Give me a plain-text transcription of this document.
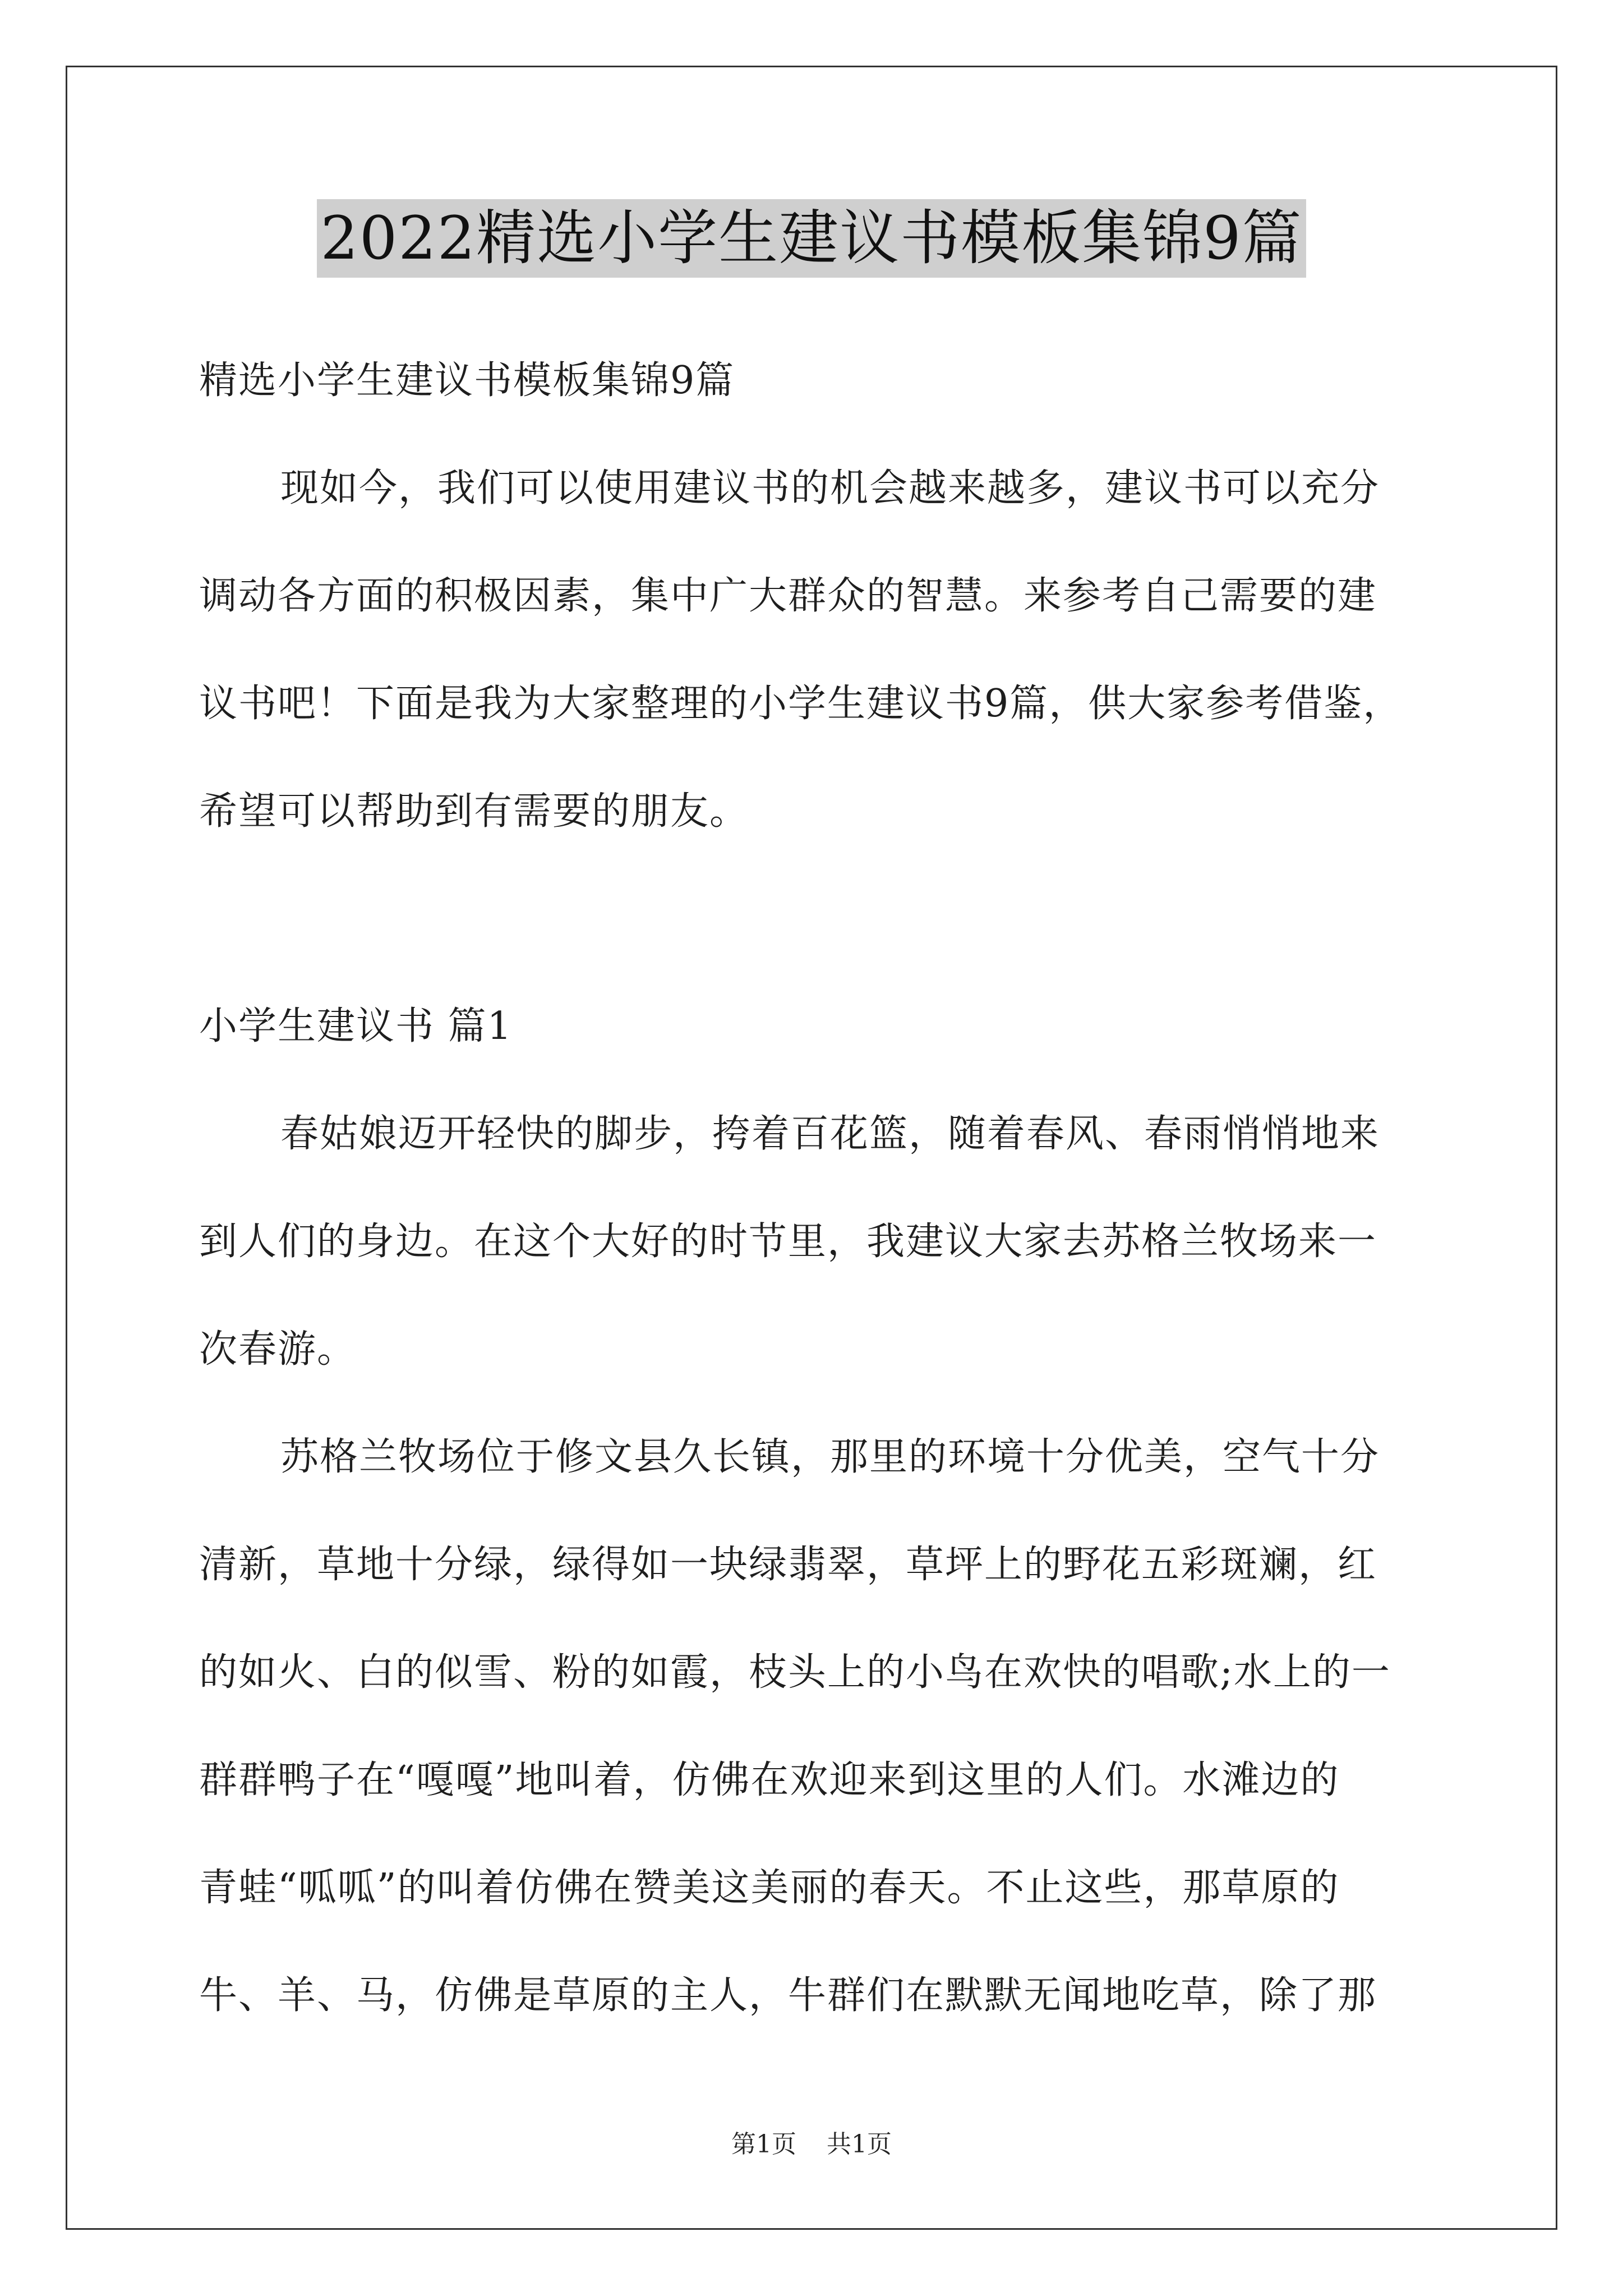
2022精选小学生建议书模板集锦9篇
精选小学生建议书模板集锦9篇
现如今，我们可以使用建议书的机会越来越多，建议书可以充分
调动各方面的积极因素，集中广大群众的智慧。来参考自己需要的建
议书吧！下面是我为大家整理的小学生建议书9篇，供大家参考借鉴，
希望可以帮助到有需要的朋友。
小学生建议书 篇1
春姑娘迈开轻快的脚步，挎着百花篮，随着春风、春雨悄悄地来
到人们的身边。在这个大好的时节里，我建议大家去苏格兰牧场来一
次春游。
苏格兰牧场位于修文县久长镇，那里的环境十分优美，空气十分
清新，草地十分绿，绿得如一块绿翡翠，草坪上的野花五彩斑斓，红
的如火、白的似雪、粉的如霞，枝头上的小鸟在欢快的唱歌;水上的一
群群鸭子在“嘎嘎”地叫着，仿佛在欢迎来到这里的人们。水滩边的
青蛙“呱呱”的叫着仿佛在赞美这美丽的春天。不止这些，那草原的
牛、羊、马，仿佛是草原的主人，牛群们在默默无闻地吃草，除了那
第1页 共1页
